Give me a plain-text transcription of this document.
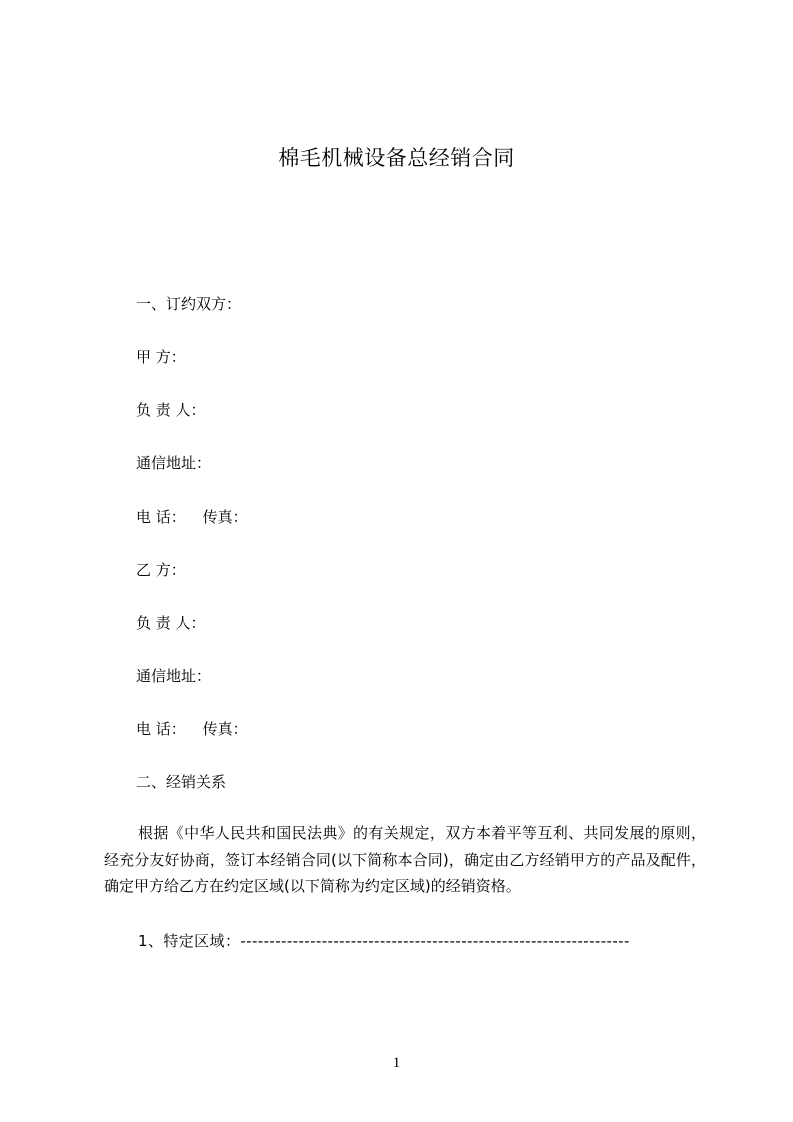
棉毛机械设备总经销合同
一、订约双方：
甲 方：
负 责 人：
通信地址：
电 话： 传真：
乙 方：
负 责 人：
通信地址：
电 话： 传真：
二、经销关系
根据《中华人民共和国民法典》的有关规定，双方本着平等互利、共同发展的原则，经充分友好协商，签订本经销合同(以下简称本合同)，确定由乙方经销甲方的产品及配件，确定甲方给乙方在约定区域(以下简称为约定区域)的经销资格。
1、特定区域：-------------------------------------------------------------------
1
